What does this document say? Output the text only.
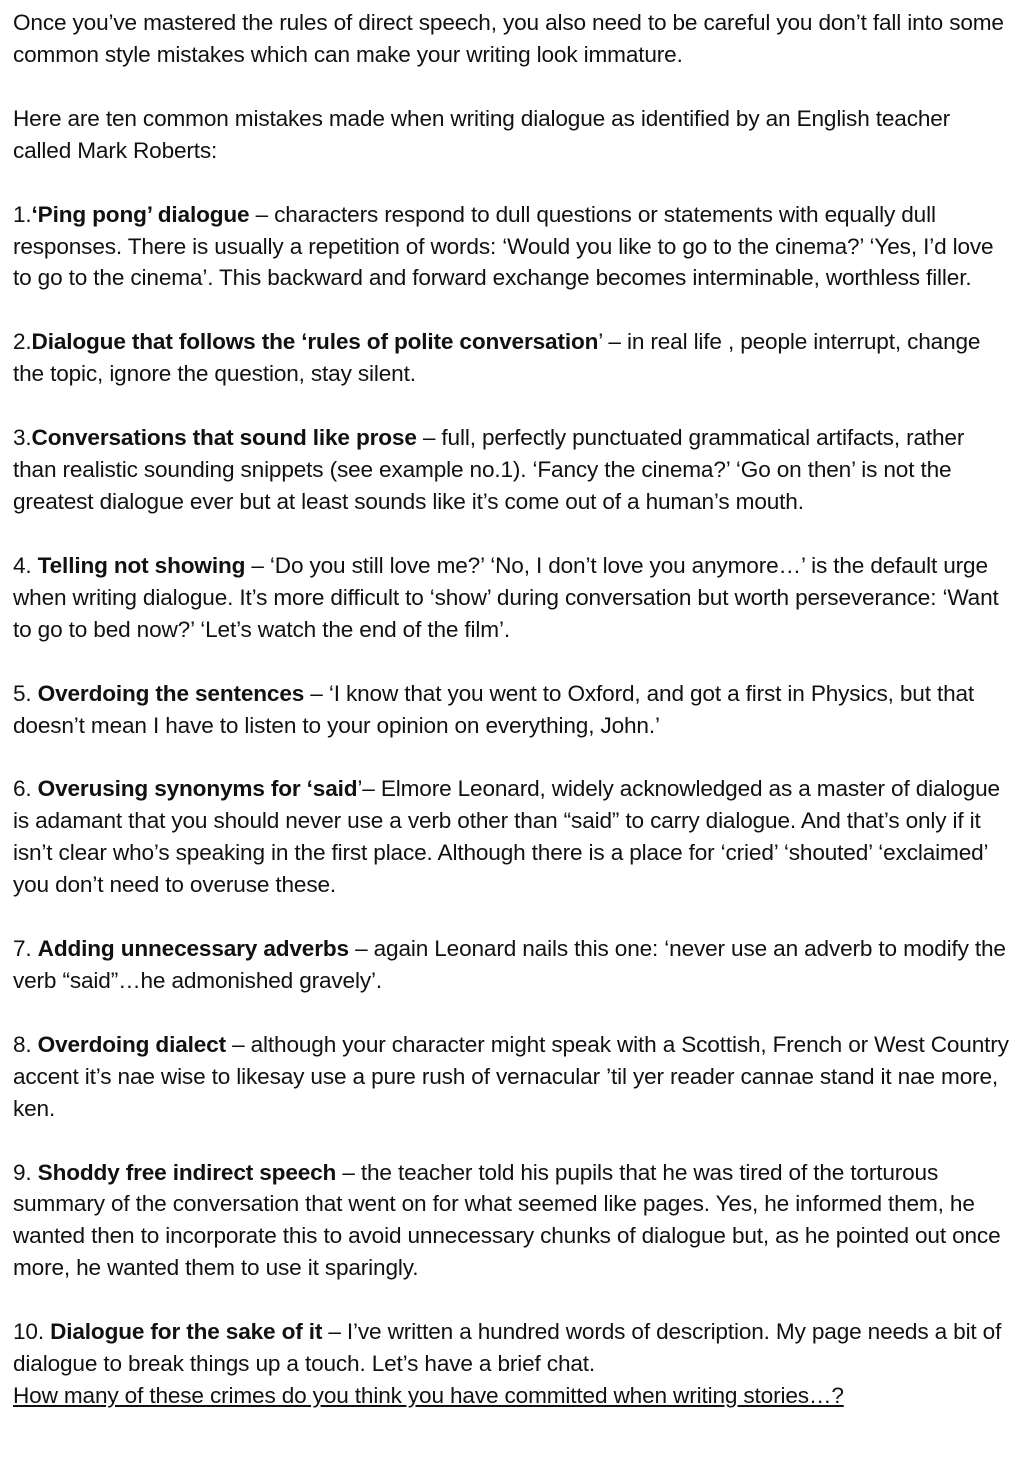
Once you’ve mastered the rules of direct speech, you also need to be careful you don’t fall into some common style mistakes which can make your writing look immature.

Here are ten common mistakes made when writing dialogue as identified by an English teacher called Mark Roberts:

1.‘Ping pong’ dialogue – characters respond to dull questions or statements with equally dull responses. There is usually a repetition of words: ‘Would you like to go to the cinema?’ ‘Yes, I’d love to go to the cinema’. This backward and forward exchange becomes interminable, worthless filler.

2.Dialogue that follows the ‘rules of polite conversation’ – in real life , people interrupt, change the topic, ignore the question, stay silent.

3.Conversations that sound like prose – full, perfectly punctuated grammatical artifacts, rather than realistic sounding snippets (see example no.1). ‘Fancy the cinema?’ ‘Go on then’ is not the greatest dialogue ever but at least sounds like it’s come out of a human’s mouth.

4. Telling not showing – ‘Do you still love me?’ ‘No, I don’t love you anymore…’ is the default urge when writing dialogue. It’s more difficult to ‘show’ during conversation but worth perseverance: ‘Want to go to bed now?’ ‘Let’s watch the end of the film’.

5. Overdoing the sentences – ‘I know that you went to Oxford, and got a first in Physics, but that doesn’t mean I have to listen to your opinion on everything, John.’

6. Overusing synonyms for ‘said’– Elmore Leonard, widely acknowledged as a master of dialogue is adamant that you should never use a verb other than “said” to carry dialogue. And that’s only if it isn’t clear who’s speaking in the first place. Although there is a place for ‘cried’ ‘shouted’ ‘exclaimed’ you don’t need to overuse these.

7. Adding unnecessary adverbs – again Leonard nails this one: ‘never use an adverb to modify the verb “said”…he admonished gravely’.

8. Overdoing dialect – although your character might speak with a Scottish, French or West Country accent it’s nae wise to likesay use a pure rush of vernacular ’til yer reader cannae stand it nae more, ken.

9. Shoddy free indirect speech – the teacher told his pupils that he was tired of the torturous summary of the conversation that went on for what seemed like pages. Yes, he informed them, he wanted then to incorporate this to avoid unnecessary chunks of dialogue but, as he pointed out once more, he wanted them to use it sparingly.

10. Dialogue for the sake of it – I’ve written a hundred words of description. My page needs a bit of dialogue to break things up a touch. Let’s have a brief chat.

How many of these crimes do you think you have committed when writing stories…?
